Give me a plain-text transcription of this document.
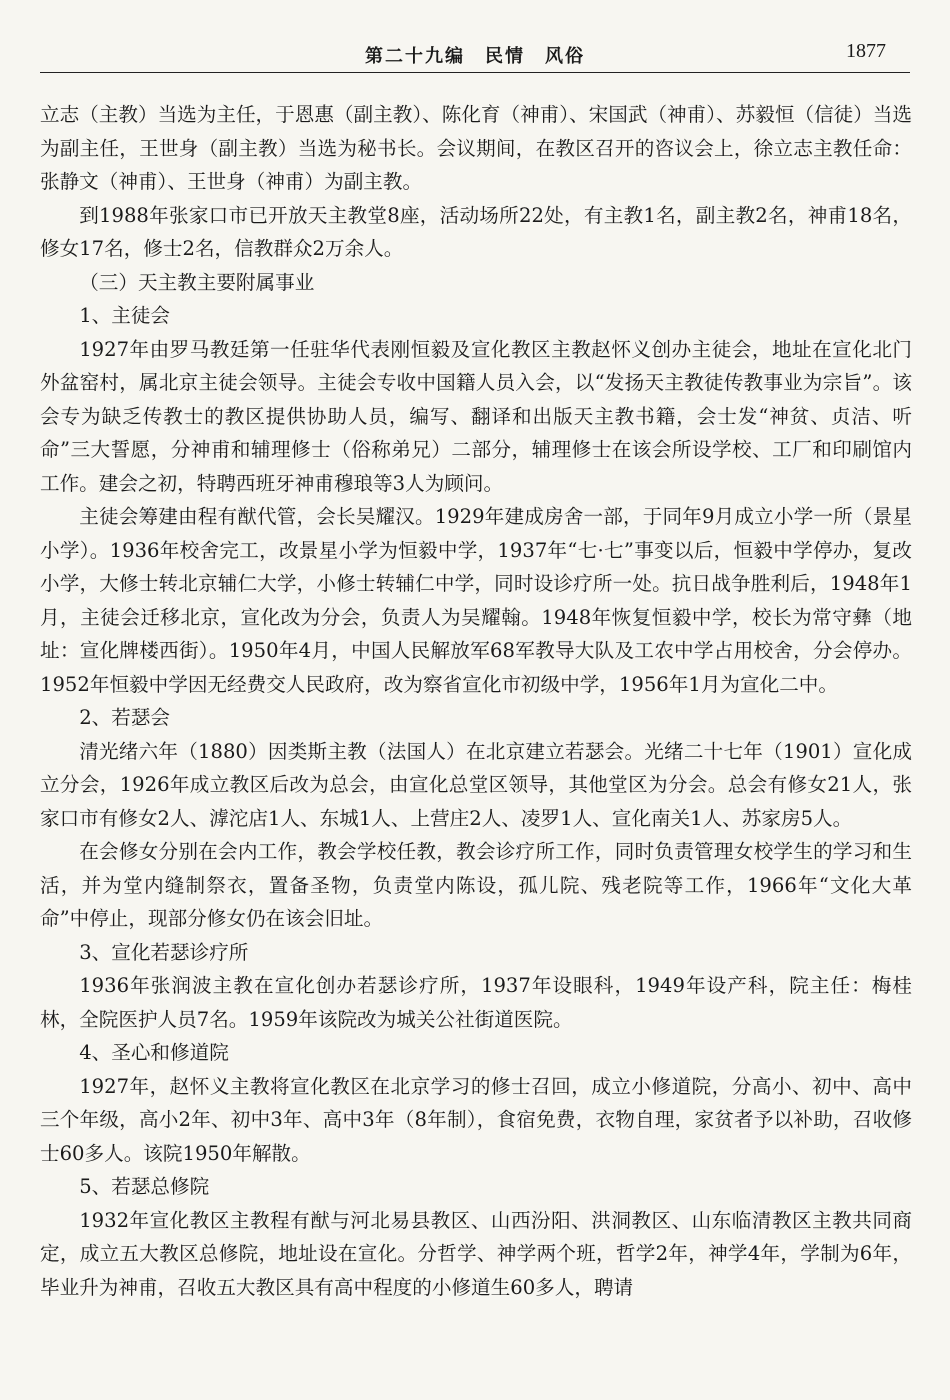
第二十九编　民情　风俗	1877

立志（主教）当选为主任，于恩惠（副主教）、陈化育（神甫）、宋国武（神甫）、苏毅恒（信徒）当选为副主任，王世身（副主教）当选为秘书长。会议期间，在教区召开的咨议会上，徐立志主教任命：张静文（神甫）、王世身（神甫）为副主教。

到1988年张家口市已开放天主教堂8座，活动场所22处，有主教1名，副主教2名，神甫18名，修女17名，修士2名，信教群众2万余人。

（三）天主教主要附属事业

1、主徒会

1927年由罗马教廷第一任驻华代表刚恒毅及宣化教区主教赵怀义创办主徒会，地址在宣化北门外盆窑村，属北京主徒会领导。主徒会专收中国籍人员入会，以“发扬天主教徒传教事业为宗旨”。该会专为缺乏传教士的教区提供协助人员，编写、翻译和出版天主教书籍，会士发“神贫、贞洁、听命”三大誓愿，分神甫和辅理修士（俗称弟兄）二部分，辅理修士在该会所设学校、工厂和印刷馆内工作。建会之初，特聘西班牙神甫穆琅等3人为顾问。

主徒会筹建由程有猷代管，会长吴耀汉。1929年建成房舍一部，于同年9月成立小学一所（景星小学）。1936年校舍完工，改景星小学为恒毅中学，1937年“七·七”事变以后，恒毅中学停办，复改小学，大修士转北京辅仁大学，小修士转辅仁中学，同时设诊疗所一处。抗日战争胜利后，1948年1月，主徒会迁移北京，宣化改为分会，负责人为吴耀翰。1948年恢复恒毅中学，校长为常守彝（地址：宣化牌楼西街）。1950年4月，中国人民解放军68军教导大队及工农中学占用校舍，分会停办。1952年恒毅中学因无经费交人民政府，改为察省宣化市初级中学，1956年1月为宣化二中。

2、若瑟会

清光绪六年（1880）因类斯主教（法国人）在北京建立若瑟会。光绪二十七年（1901）宣化成立分会，1926年成立教区后改为总会，由宣化总堂区领导，其他堂区为分会。总会有修女21人，张家口市有修女2人、滹沱店1人、东城1人、上营庄2人、凌罗1人、宣化南关1人、苏家房5人。

在会修女分别在会内工作，教会学校任教，教会诊疗所工作，同时负责管理女校学生的学习和生活，并为堂内缝制祭衣，置备圣物，负责堂内陈设，孤儿院、残老院等工作，1966年“文化大革命”中停止，现部分修女仍在该会旧址。

3、宣化若瑟诊疗所

1936年张润波主教在宣化创办若瑟诊疗所，1937年设眼科，1949年设产科，院主任：梅桂林，全院医护人员7名。1959年该院改为城关公社街道医院。

4、圣心和修道院

1927年，赵怀义主教将宣化教区在北京学习的修士召回，成立小修道院，分高小、初中、高中三个年级，高小2年、初中3年、高中3年（8年制），食宿免费，衣物自理，家贫者予以补助，召收修士60多人。该院1950年解散。

5、若瑟总修院

1932年宣化教区主教程有猷与河北易县教区、山西汾阳、洪洞教区、山东临清教区主教共同商定，成立五大教区总修院，地址设在宣化。分哲学、神学两个班，哲学2年，神学4年，学制为6年，毕业升为神甫，召收五大教区具有高中程度的小修道生60多人，聘请
